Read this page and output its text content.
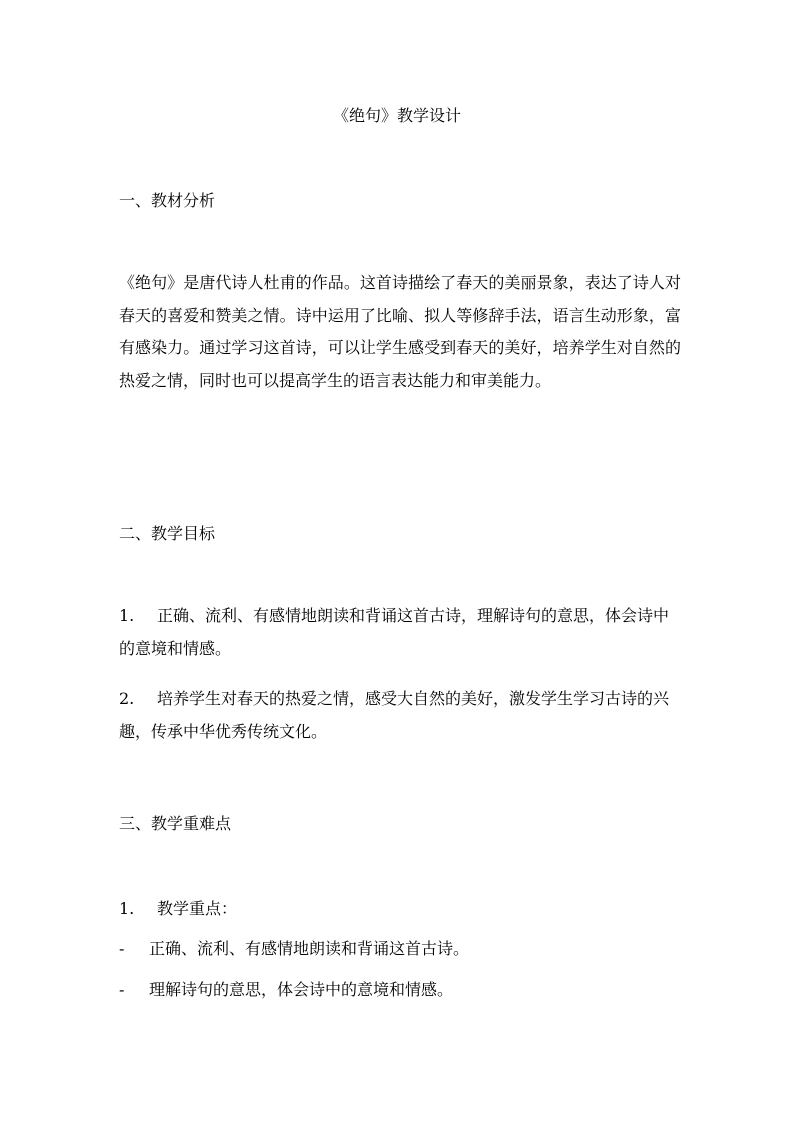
《绝句》教学设计
一、教材分析
《绝句》是唐代诗人杜甫的作品。这首诗描绘了春天的美丽景象，表达了诗人对春天的喜爱和赞美之情。诗中运用了比喻、拟人等修辞手法，语言生动形象，富有感染力。通过学习这首诗，可以让学生感受到春天的美好，培养学生对自然的热爱之情，同时也可以提高学生的语言表达能力和审美能力。
二、教学目标
1. 正确、流利、有感情地朗读和背诵这首古诗，理解诗句的意思，体会诗中的意境和情感。
2. 培养学生对春天的热爱之情，感受大自然的美好，激发学生学习古诗的兴趣，传承中华优秀传统文化。
三、教学重难点
1. 教学重点：
- 正确、流利、有感情地朗读和背诵这首古诗。
- 理解诗句的意思，体会诗中的意境和情感。
